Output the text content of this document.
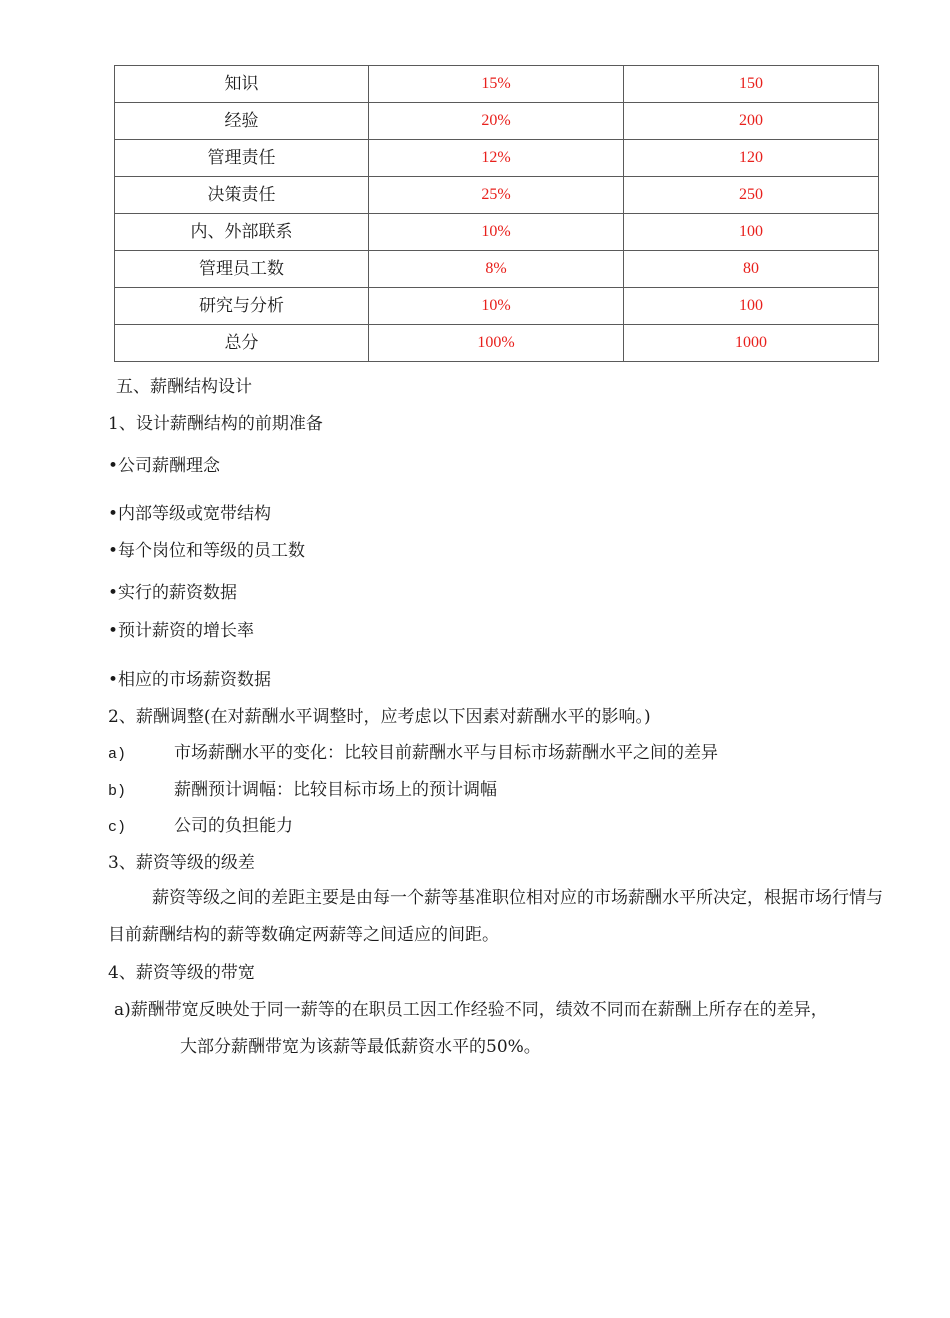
知识	15%	150
经验	20%	200
管理责任	12%	120
决策责任	25%	250
内、外部联系	10%	100
管理员工数	8%	80
研究与分析	10%	100
总分	100%	1000
五、薪酬结构设计
1、设计薪酬结构的前期准备
•公司薪酬理念
•内部等级或宽带结构
•每个岗位和等级的员工数
•实行的薪资数据
•预计薪资的增长率
•相应的市场薪资数据
2、薪酬调整(在对薪酬水平调整时，应考虑以下因素对薪酬水平的影响。)
a)	市场薪酬水平的变化：比较目前薪酬水平与目标市场薪酬水平之间的差异
b)	薪酬预计调幅：比较目标市场上的预计调幅
c)	公司的负担能力
3、薪资等级的级差
薪资等级之间的差距主要是由每一个薪等基准职位相对应的市场薪酬水平所决定，根据市场行情与目前薪酬结构的薪等数确定两薪等之间适应的间距。
4、薪资等级的带宽
a)薪酬带宽反映处于同一薪等的在职员工因工作经验不同，绩效不同而在薪酬上所存在的差异，
大部分薪酬带宽为该薪等最低薪资水平的50%。
